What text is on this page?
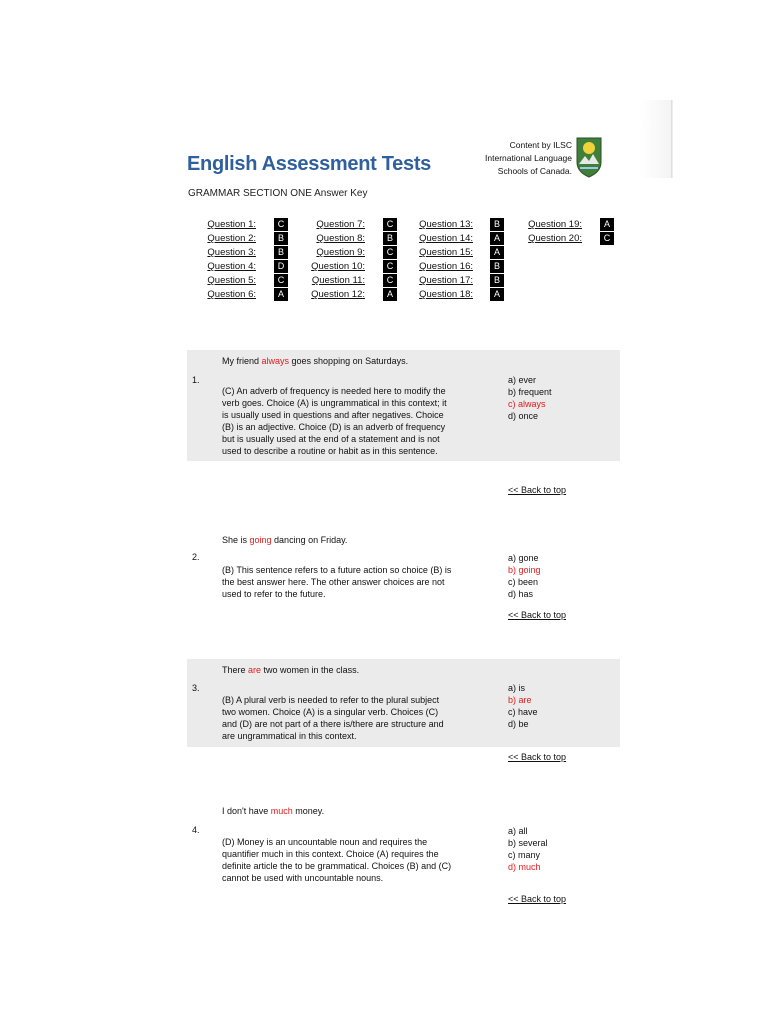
English Assessment Tests
GRAMMAR SECTION ONE Answer Key
Content by ILSC
International Language
Schools of Canada.
Question 1:	C
Question 2:	B
Question 3:	B
Question 4:	D
Question 5:	C
Question 6:	A
Question 7:	C
Question 8:	B
Question 9:	C
Question 10:	C
Question 11:	C
Question 12:	A
Question 13:	B
Question 14:	A
Question 15:	A
Question 16:	B
Question 17:	B
Question 18:	A
Question 19:	A
Question 20:	C
My friend always goes shopping on Saturdays.
1.
(C) An adverb of frequency is needed here to modify the
verb goes. Choice (A) is ungrammatical in this context; it
is usually used in questions and after negatives. Choice
(B) is an adjective. Choice (D) is an adverb of frequency
but is usually used at the end of a statement and is not
used to describe a routine or habit as in this sentence.
a) ever
b) frequent
c) always
d) once
<< Back to top
She is going dancing on Friday.
2.
(B) This sentence refers to a future action so choice (B) is
the best answer here. The other answer choices are not
used to refer to the future.
a) gone
b) going
c) been
d) has
<< Back to top
There are two women in the class.
3.
(B) A plural verb is needed to refer to the plural subject
two women. Choice (A) is a singular verb. Choices (C)
and (D) are not part of a there is/there are structure and
are ungrammatical in this context.
a) is
b) are
c) have
d) be
<< Back to top
I don't have much money.
4.
(D) Money is an uncountable noun and requires the
quantifier much in this context. Choice (A) requires the
definite article the to be grammatical. Choices (B) and (C)
cannot be used with uncountable nouns.
a) all
b) several
c) many
d) much
<< Back to top
